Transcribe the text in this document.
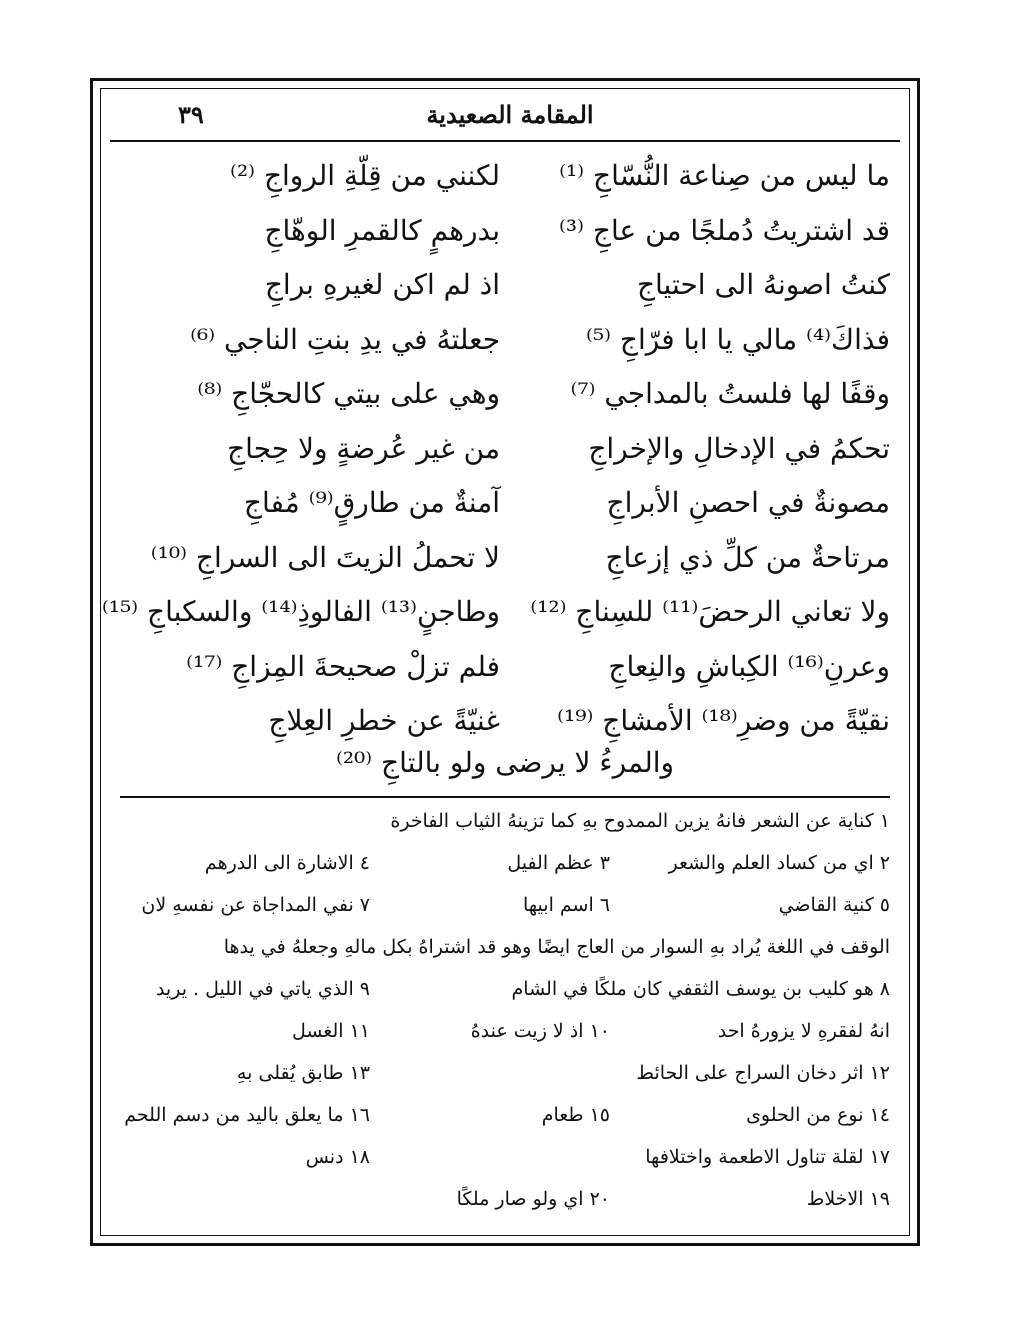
المقامة الصعيدية
٣٩
ما ليس من صِناعة النُّسّاجِ ⁽¹⁾
لكنني من قِلّةِ الرواجِ ⁽²⁾
قد اشتريتُ دُملجًا من عاجِ ⁽³⁾
بدرهمٍ كالقمرِ الوهّاجِ
كنتُ اصونهُ الى احتياجِ
اذ لم اكن لغيرهِ براجِ
فذاكَ⁽⁴⁾ مالي يا ابا فرّاجِ ⁽⁵⁾
جعلتهُ في يدِ بنتِ الناجي ⁽⁶⁾
وقفًا لها فلستُ بالمداجي ⁽⁷⁾
وهي على بيتي كالحجّاجِ ⁽⁸⁾
تحكمُ في الإدخالِ والإخراجِ
من غير عُرضةٍ ولا حِجاجِ
مصونةٌ في احصنِ الأبراجِ
آمنةٌ من طارقٍ⁽⁹⁾ مُفاجِ
مرتاحةٌ من كلِّ ذي إزعاجِ
لا تحملُ الزيتَ الى السراجِ ⁽¹⁰⁾
ولا تعاني الرحضَ⁽¹¹⁾ للسِناجِ ⁽¹²⁾
وطاجنٍ⁽¹³⁾ الفالوذِ⁽¹⁴⁾ والسكباجِ ⁽¹⁵⁾
وعرنِ⁽¹⁶⁾ الكِباشِ والنِعاجِ
فلم تزلْ صحيحةَ المِزاجِ ⁽¹⁷⁾
نقيّةً من وضرِ⁽¹⁸⁾ الأمشاجِ ⁽¹⁹⁾
غنيّةً عن خطرِ العِلاجِ
والمرءُ لا يرضى ولو بالتاجِ ⁽²⁰⁾
١ كناية عن الشعر فانهُ يزين الممدوح بهِ كما تزينهُ الثياب الفاخرة
٢ اي من كساد العلم والشعر
٣ عظم الفيل
٤ الاشارة الى الدرهم
٥ كنية القاضي
٦ اسم ابيها
٧ نفي المداجاة عن نفسهِ لان
الوقف في اللغة يُراد بهِ السوار من العاج ايضًا وهو قد اشتراهُ بكل مالهِ وجعلهُ في يدها
٨ هو كليب بن يوسف الثقفي كان ملكًا في الشام
٩ الذي ياتي في الليل . يريد
انهُ لفقرهِ لا يزورهُ احد
١٠ اذ لا زيت عندهُ
١١ الغسل
١٢ اثر دخان السراج على الحائط
١٣ طابق يُقلى بهِ
١٤ نوع من الحلوى
١٥ طعام
١٦ ما يعلق باليد من دسم اللحم
١٧ لقلة تناول الاطعمة واختلافها
١٨ دنس
١٩ الاخلاط
٢٠ اي ولو صار ملكًا
